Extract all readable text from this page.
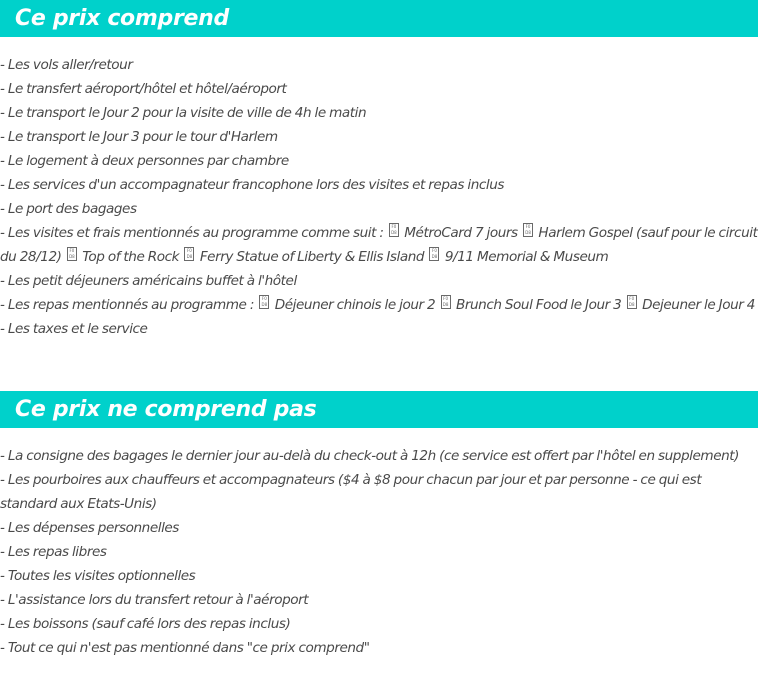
Ce prix comprend
- Les vols aller/retour
- Le transfert aéroport/hôtel et hôtel/aéroport
- Le transport le Jour 2 pour la visite de ville de 4h le matin
- Le transport le Jour 3 pour le tour d'Harlem
- Le logement à deux personnes par chambre
- Les services d'un accompagnateur francophone lors des visites et repas inclus
- Le port des bagages
- Les visites et frais mentionnés au programme comme suit : F0
D8 MétroCard 7 jours F0
D8 Harlem Gospel (sauf pour le circuit du 28/12) F0
D8 Top of the Rock F0
D8 Ferry Statue of Liberty & Ellis Island F0
D8 9/11 Memorial & Museum
- Les petit déjeuners américains buffet à l'hôtel
- Les repas mentionnés au programme : F0
D8 Déjeuner chinois le jour 2 F0
D8 Brunch Soul Food le Jour 3 F0
D8 Dejeuner le Jour 4
- Les taxes et le service
Ce prix ne comprend pas
- La consigne des bagages le dernier jour au-delà du check-out à 12h (ce service est offert par l'hôtel en supplement)
- Les pourboires aux chauffeurs et accompagnateurs ($4 à $8 pour chacun par jour et par personne - ce qui est standard aux Etats-Unis)
- Les dépenses personnelles
- Les repas libres
- Toutes les visites optionnelles
- L'assistance lors du transfert retour à l'aéroport
- Les boissons (sauf café lors des repas inclus)
- Tout ce qui n'est pas mentionné dans "ce prix comprend"
